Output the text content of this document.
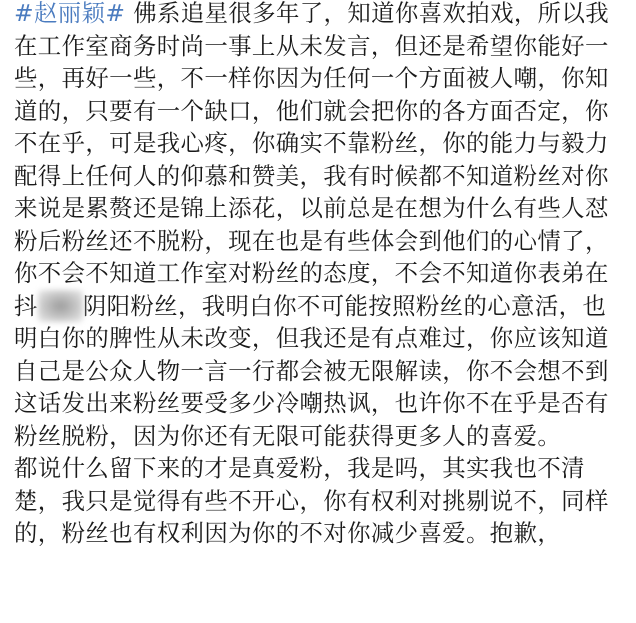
#赵丽颖# 佛系追星很多年了，知道你喜欢拍戏，所以我在工作室商务时尚一事上从未发言，但还是希望你能好一些，再好一些，不一样你因为任何一个方面被人嘲，你知道的，只要有一个缺口，他们就会把你的各方面否定，你不在乎，可是我心疼，你确实不靠粉丝，你的能力与毅力配得上任何人的仰慕和赞美，我有时候都不知道粉丝对你来说是累赘还是锦上添花，以前总是在想为什么有些人怼粉后粉丝还不脱粉，现在也是有些体会到他们的心情了，你不会不知道工作室对粉丝的态度，不会不知道你表弟在抖 阴阳粉丝，我明白你不可能按照粉丝的心意活，也明白你的脾性从未改变，但我还是有点难过，你应该知道自己是公众人物一言一行都会被无限解读，你不会想不到这话发出来粉丝要受多少冷嘲热讽，也许你不在乎是否有粉丝脱粉，因为你还有无限可能获得更多人的喜爱。
都说什么留下来的才是真爱粉，我是吗，其实我也不清楚，我只是觉得有些不开心，你有权利对挑剔说不，同样的，粉丝也有权利因为你的不对你减少喜爱。抱歉，
